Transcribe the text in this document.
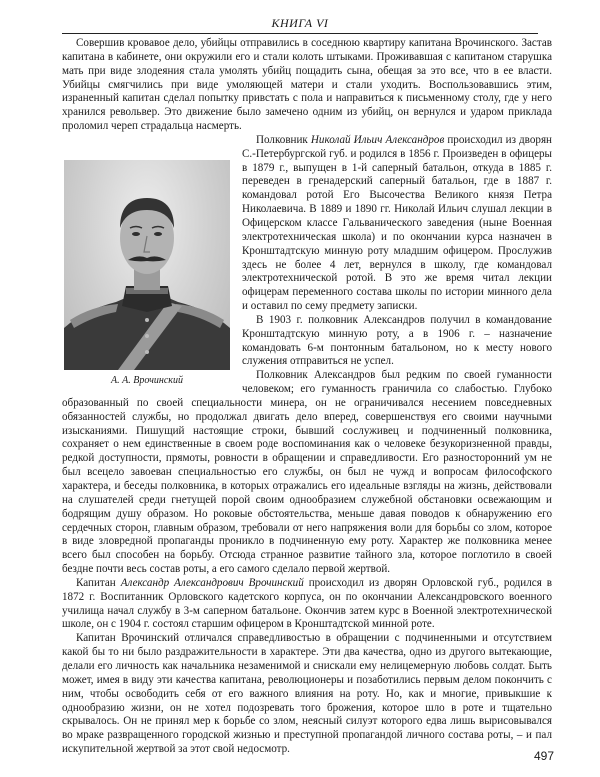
КНИГА VI

Совершив кровавое дело, убийцы отправились в соседнюю квартиру капитана Врочинского. Застав капитана в кабинете, они окружили его и стали колоть штыками. Проживавшая с капитаном старушка мать при виде злодеяния стала умолять убийц пощадить сына, обещая за это все, что в ее власти. Убийцы смягчились при виде умоляющей матери и стали уходить. Воспользовавшись этим, израненный капитан сделал попытку привстать с пола и направиться к письменному столу, где у него хранился револьвер. Это движение было замечено одним из убийц, он вернулся и ударом приклада проломил череп страдальца насмерть.

А. А. Врочинский

Полковник Николай Ильич Александров происходил из дворян С.-Петербургской губ. и родился в 1856 г. Произведен в офицеры в 1879 г., выпущен в 1-й саперный батальон, откуда в 1885 г. переведен в гренадерский саперный батальон, где в 1887 г. командовал ротой Его Высочества Великого князя Петра Николаевича. В 1889 и 1890 гг. Николай Ильич слушал лекции в Офицерском классе Гальванического заведения (ныне Военная электротехническая школа) и по окончании курса назначен в Кронштадтскую минную роту младшим офицером. Прослужив здесь не более 4 лет, вернулся в школу, где командовал электротехнической ротой. В это же время читал лекции офицерам переменного состава школы по истории минного дела и оставил по сему предмету записки.

В 1903 г. полковник Александров получил в командование Кронштадтскую минную роту, а в 1906 г. – назначение командовать 6-м понтонным батальоном, но к месту нового служения отправиться не успел.

Полковник Александров был редким по своей гуманности человеком; его гуманность граничила со слабостью. Глубоко образованный по своей специальности минера, он не ограничивался несением повседневных обязанностей службы, но продолжал двигать дело вперед, совершенствуя его своими научными изысканиями. Пишущий настоящие строки, бывший сослуживец и подчиненный полковника, сохраняет о нем единственные в своем роде воспоминания как о человеке безукоризненной правды, редкой доступности, прямоты, ровности в обращении и справедливости. Его разносторонний ум не был всецело завоеван специальностью его службы, он был не чужд и вопросам философского характера, и беседы полковника, в которых отражались его идеальные взгляды на жизнь, действовали на слушателей среди гнетущей порой своим однообразием служебной обстановки освежающим и бодрящим душу образом. Но роковые обстоятельства, меньше давая поводов к обнаружению его сердечных сторон, главным образом, требовали от него напряжения воли для борьбы со злом, которое в виде зловредной пропаганды проникло в подчиненную ему роту. Характер же полковника менее всего был способен на борьбу. Отсюда странное развитие тайного зла, которое поглотило в своей бездне почти весь состав роты, а его самого сделало первой жертвой.

Капитан Александр Александрович Врочинский происходил из дворян Орловской губ., родился в 1872 г. Воспитанник Орловского кадетского корпуса, он по окончании Александровского военного училища начал службу в 3-м саперном батальоне. Окончив затем курс в Военной электротехнической школе, он с 1904 г. состоял старшим офицером в Кронштадтской минной роте.

Капитан Врочинский отличался справедливостью в обращении с подчиненными и отсутствием какой бы то ни было раздражительности в характере. Эти два качества, одно из другого вытекающие, делали его личность как начальника незаменимой и снискали ему нелицемерную любовь солдат. Быть может, имея в виду эти качества капитана, революционеры и позаботились первым делом покончить с ним, чтобы освободить себя от его важного влияния на роту. Но, как и многие, привыкшие к однообразию жизни, он не хотел подозревать того брожения, которое шло в роте и тщательно скрывалось. Он не принял мер к борьбе со злом, неясный силуэт которого едва лишь вырисовывался во мраке развращенного городской жизнью и преступной пропагандой личного состава роты, – и пал искупительной жертвой за этот свой недосмотр.	497
